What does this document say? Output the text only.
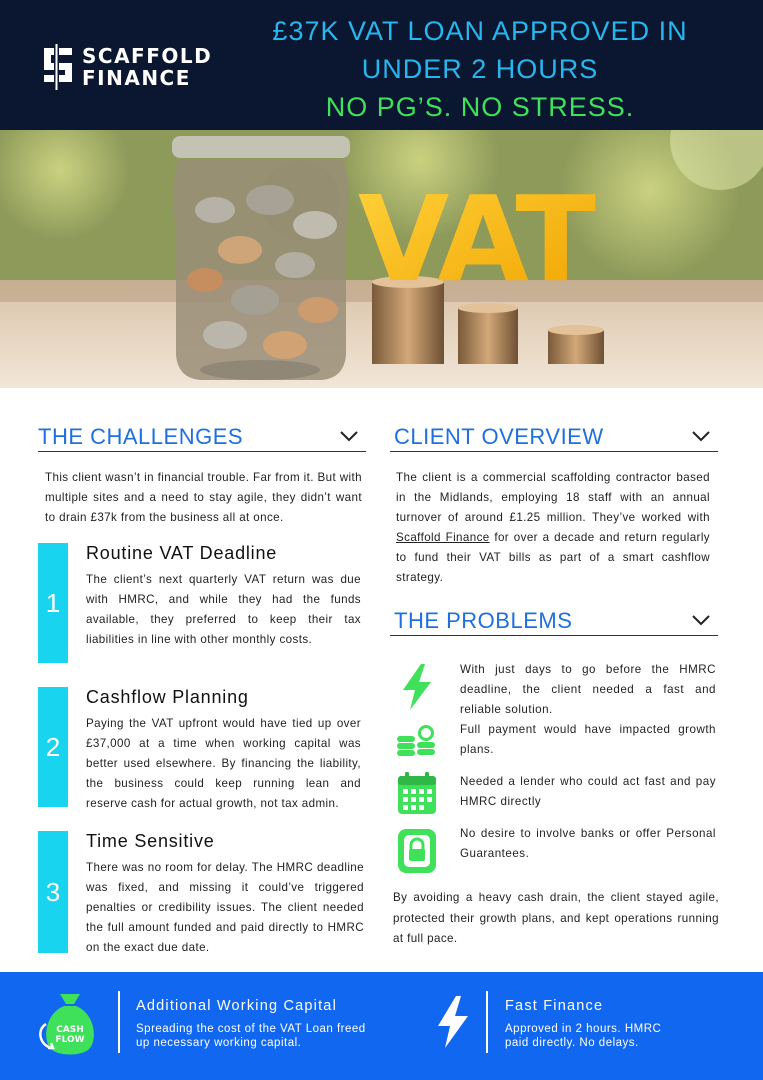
SCAFFOLD
FINANCE
£37K VAT LOAN APPROVED IN
UNDER 2 HOURS
NO PG’S. NO STRESS.
VAT
THE CHALLENGES
This client wasn’t in financial trouble. Far from it. But with multiple sites and a need to stay agile, they didn’t want to drain £37k from the business all at once.
1
Routine VAT Deadline
The client’s next quarterly VAT return was due with HMRC, and while they had the funds available, they preferred to keep their tax liabilities in line with other monthly costs.
2
Cashflow Planning
Paying the VAT upfront would have tied up over £37,000 at a time when working capital was better used elsewhere. By financing the liability, the business could keep running lean and reserve cash for actual growth, not tax admin.
3
Time Sensitive
There was no room for delay. The HMRC deadline was fixed, and missing it could’ve triggered penalties or credibility issues. The client needed the full amount funded and paid directly to HMRC on the exact due date.
CLIENT OVERVIEW
The client is a commercial scaffolding contractor based in the Midlands, employing 18 staff with an annual turnover of around £1.25 million. They’ve worked with Scaffold Finance for over a decade and return regularly to fund their VAT bills as part of a smart cashflow strategy.
THE PROBLEMS
With just days to go before the HMRC deadline, the client needed a fast and reliable solution.
Full payment would have impacted growth plans.
Needed a lender who could act fast and pay HMRC directly
No desire to involve banks or offer Personal Guarantees.
By avoiding a heavy cash drain, the client stayed agile, protected their growth plans, and kept operations running at full pace.
CASH
FLOW
Additional Working Capital
Spreading the cost of the VAT Loan freed
up necessary working capital.
Fast Finance
Approved in 2 hours. HMRC
paid directly. No delays.
